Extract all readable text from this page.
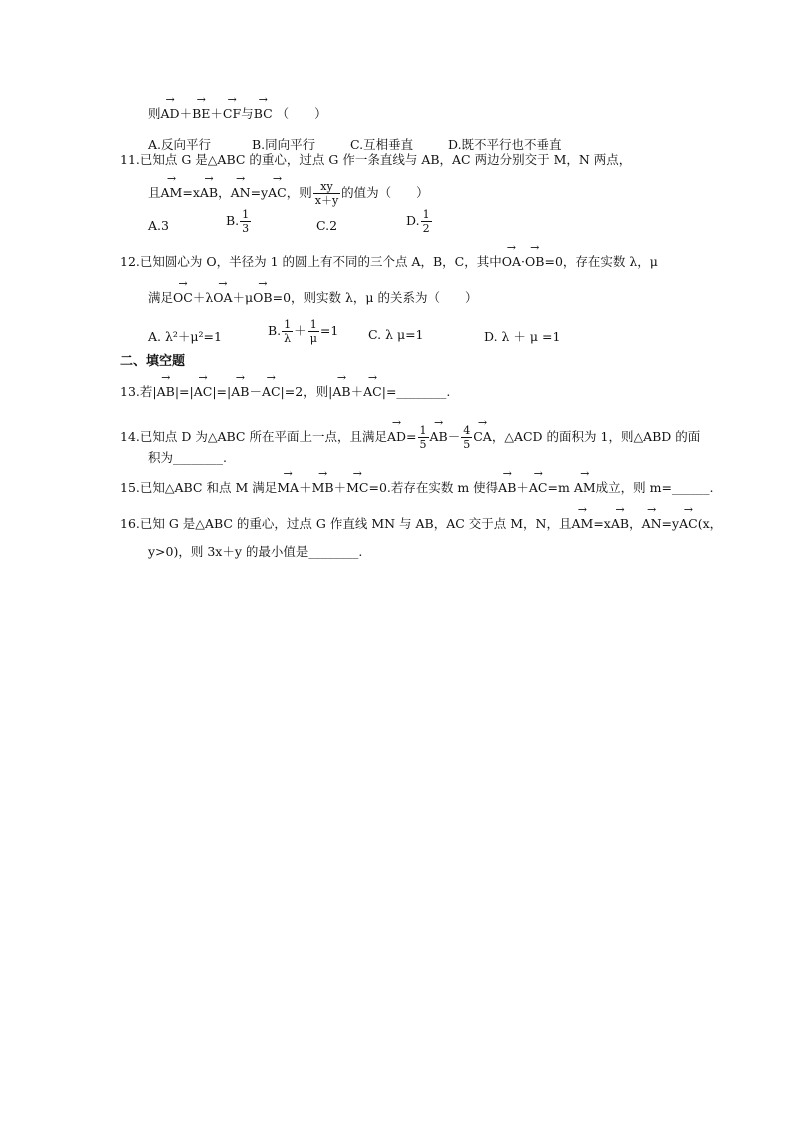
则→ AD＋→ BE＋→ CF与→ BC （　　）
A.反向平行	B.同向平行	C.互相垂直	D.既不平行也不垂直
11.已知点 G 是△ABC 的重心，过点 G 作一条直线与 AB，AC 两边分别交于 M，N 两点，
且→ AM=x→ AB，→ AN=y→ AC，则 $\frac{xy}{x+y}$ 的值为（　　）
A.3	B. $\frac{1}{3}$	C.2	D. $\frac{1}{2}$
12.已知圆心为 O，半径为 1 的圆上有不同的三个点 A，B，C，其中→ OA·→ OB=0，存在实数 λ，μ
满足→ OC＋λ→ OA＋μ→ OB=0，则实数 λ，μ 的关系为（　　）
A. λ²＋μ²=1	B. $\frac{1}{\lambda} + \frac{1}{\mu} =1$ C. λ μ=1	D. λ ＋ μ =1
二、填空题
13.若|→ AB|=|→ AC|=|→ AB－→ AC|=2，则|→ AB＋→ AC|=________.
14.已知点 D 为△ABC 所在平面上一点，且满足→ $AD= \frac{1}{5}$
→ $AB- \frac{4}{5}$
→ CA，△ACD 的面积为 1，则△ABD 的面
积为________.
15.已知△ABC 和点 M 满足→ MA＋→ MB＋→ MC=0.若存在实数 m 使得→ AB＋→ AC=m → AM成立，则 m=______.
16.已知 G 是△ABC 的重心，过点 G 作直线 MN 与 AB，AC 交于点 M，N，且→ AM=x→ AB，→ AN=y→ AC(x，
y>0)，则 3x＋y 的最小值是________.
